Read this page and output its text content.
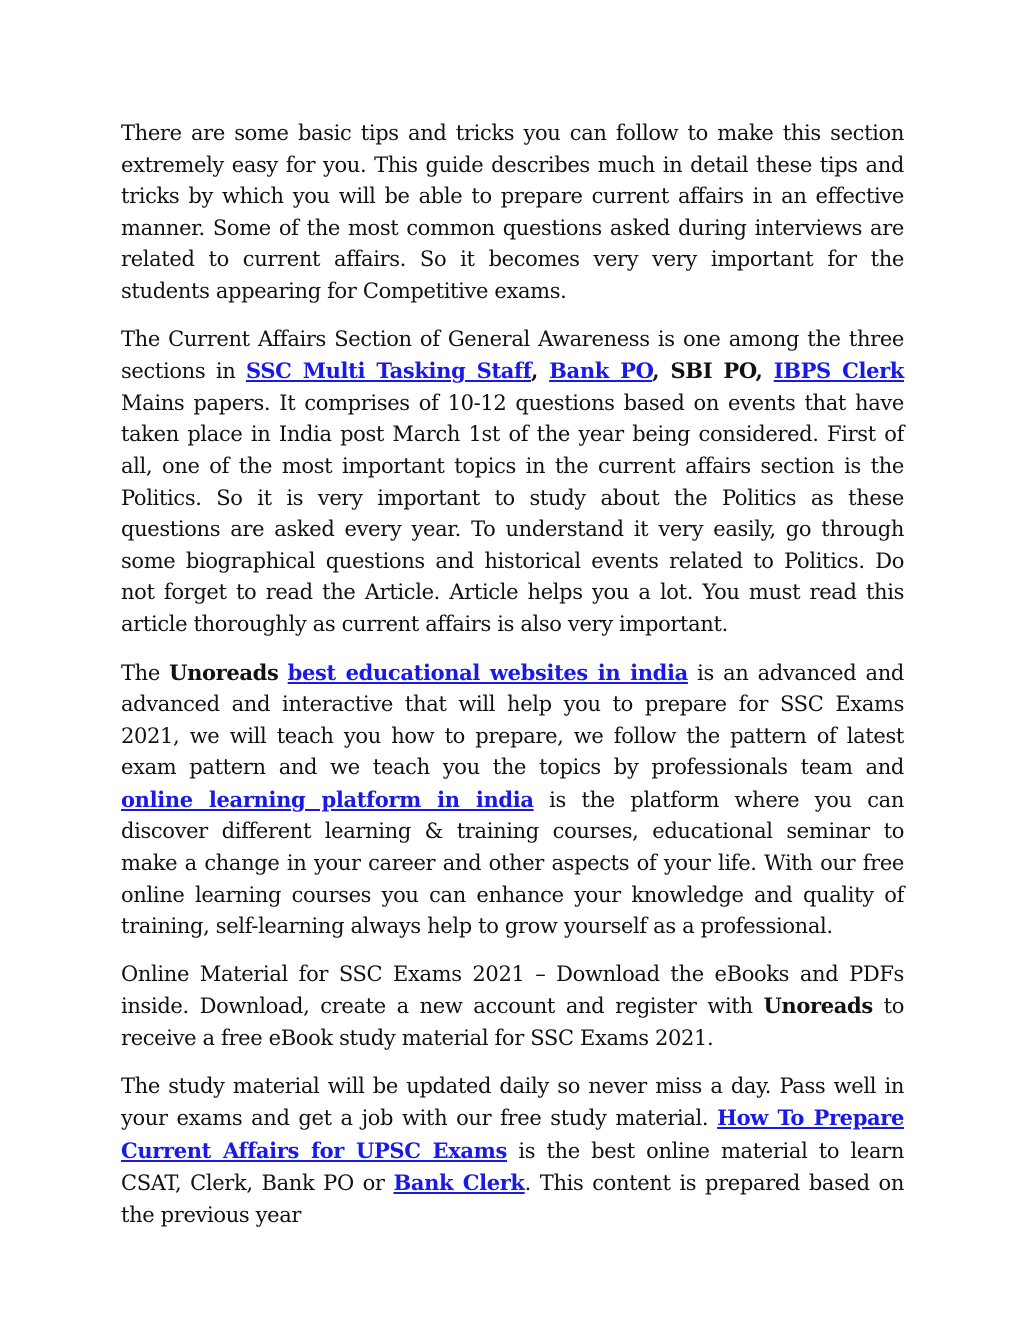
There are some basic tips and tricks you can follow to make this section extremely easy for you. This guide describes much in detail these tips and tricks by which you will be able to prepare current affairs in an effective manner. Some of the most common questions asked during interviews are related to current affairs. So it becomes very very important for the students appearing for Competitive exams.

The Current Affairs Section of General Awareness is one among the three sections in SSC Multi Tasking Staff, Bank PO, SBI PO, IBPS Clerk Mains papers. It comprises of 10-12 questions based on events that have taken place in India post March 1st of the year being considered. First of all, one of the most important topics in the current affairs section is the Politics. So it is very important to study about the Politics as these questions are asked every year. To understand it very easily, go through some biographical questions and historical events related to Politics. Do not forget to read the Article. Article helps you a lot. You must read this article thoroughly as current affairs is also very important.

The Unoreads best educational websites in india is an advanced and advanced and interactive that will help you to prepare for SSC Exams 2021, we will teach you how to prepare, we follow the pattern of latest exam pattern and we teach you the topics by professionals team and online learning platform in india is the platform where you can discover different learning & training courses, educational seminar to make a change in your career and other aspects of your life. With our free online learning courses you can enhance your knowledge and quality of training, self-learning always help to grow yourself as a professional.

Online Material for SSC Exams 2021 – Download the eBooks and PDFs inside. Download, create a new account and register with Unoreads to receive a free eBook study material for SSC Exams 2021.

The study material will be updated daily so never miss a day. Pass well in your exams and get a job with our free study material. How To Prepare Current Affairs for UPSC Exams is the best online material to learn CSAT, Clerk, Bank PO or Bank Clerk. This content is prepared based on the previous year
